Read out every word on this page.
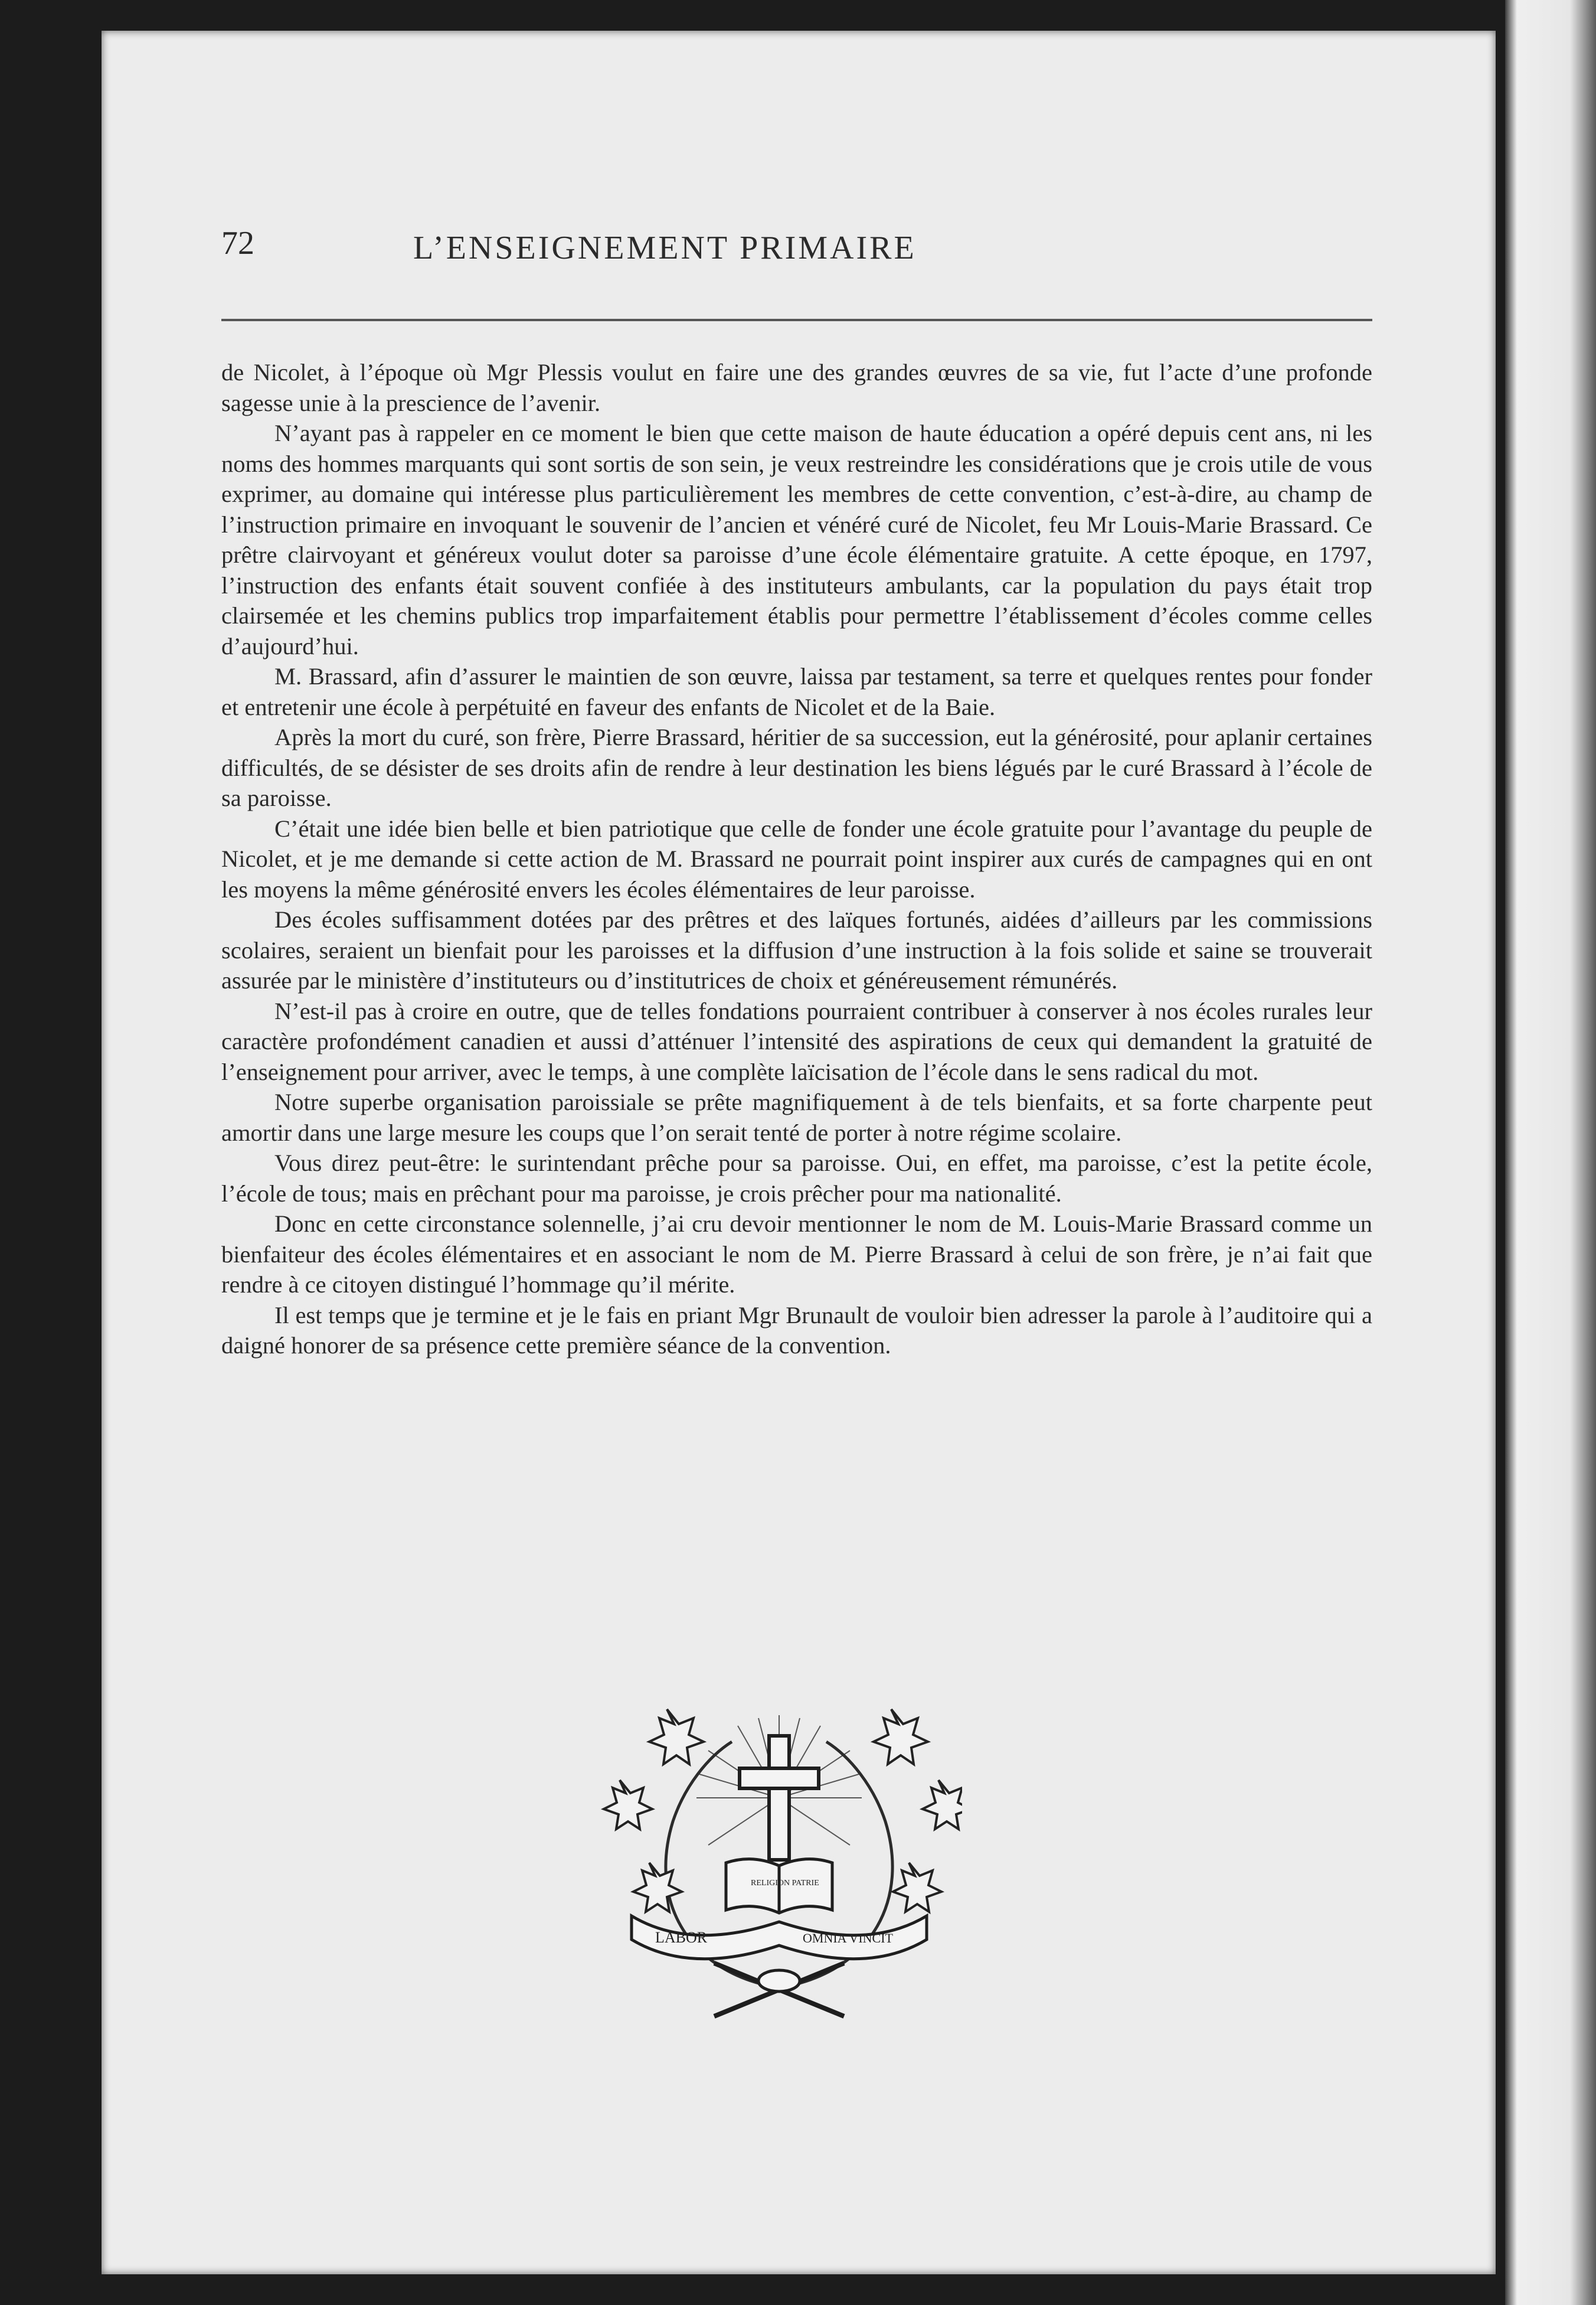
72	L’ENSEIGNEMENT PRIMAIRE

de Nicolet, à l’époque où Mgr Plessis voulut en faire une des grandes œuvres de sa vie, fut l’acte d’une profonde sagesse unie à la prescience de l’avenir.

N’ayant pas à rappeler en ce moment le bien que cette maison de haute éducation a opéré depuis cent ans, ni les noms des hommes marquants qui sont sortis de son sein, je veux restreindre les considérations que je crois utile de vous exprimer, au domaine qui intéresse plus particulièrement les membres de cette convention, c’est-à-dire, au champ de l’instruction primaire en invoquant le souvenir de l’ancien et vénéré curé de Nicolet, feu Mr Louis-Marie Brassard. Ce prêtre clairvoyant et généreux voulut doter sa paroisse d’une école élémentaire gratuite. A cette époque, en 1797, l’instruction des enfants était souvent confiée à des instituteurs ambulants, car la population du pays était trop clairsemée et les chemins publics trop imparfaitement établis pour permettre l’établissement d’écoles comme celles d’aujourd’hui.

M. Brassard, afin d’assurer le maintien de son œuvre, laissa par testament, sa terre et quelques rentes pour fonder et entretenir une école à perpétuité en faveur des enfants de Nicolet et de la Baie.

Après la mort du curé, son frère, Pierre Brassard, héritier de sa succession, eut la générosité, pour aplanir certaines difficultés, de se désister de ses droits afin de rendre à leur destination les biens légués par le curé Brassard à l’école de sa paroisse.

C’était une idée bien belle et bien patriotique que celle de fonder une école gratuite pour l’avantage du peuple de Nicolet, et je me demande si cette action de M. Brassard ne pourrait point inspirer aux curés de campagnes qui en ont les moyens la même générosité envers les écoles élémentaires de leur paroisse.

Des écoles suffisamment dotées par des prêtres et des laïques fortunés, aidées d’ailleurs par les commissions scolaires, seraient un bienfait pour les paroisses et la diffusion d’une instruction à la fois solide et saine se trouverait assurée par le ministère d’instituteurs ou d’institutrices de choix et généreusement rémunérés.

N’est-il pas à croire en outre, que de telles fondations pourraient contribuer à conserver à nos écoles rurales leur caractère profondément canadien et aussi d’atténuer l’intensité des aspirations de ceux qui demandent la gratuité de l’enseignement pour arriver, avec le temps, à une complète laïcisation de l’école dans le sens radical du mot.

Notre superbe organisation paroissiale se prête magnifiquement à de tels bienfaits, et sa forte charpente peut amortir dans une large mesure les coups que l’on serait tenté de porter à notre régime scolaire.

Vous direz peut-être: le surintendant prêche pour sa paroisse. Oui, en effet, ma paroisse, c’est la petite école, l’école de tous; mais en prêchant pour ma paroisse, je crois prêcher pour ma nationalité.

Donc en cette circonstance solennelle, j’ai cru devoir mentionner le nom de M. Louis-Marie Brassard comme un bienfaiteur des écoles élémentaires et en associant le nom de M. Pierre Brassard à celui de son frère, je n’ai fait que rendre à ce citoyen distingué l’hommage qu’il mérite.

Il est temps que je termine et je le fais en priant Mgr Brunault de vouloir bien adresser la parole à l’auditoire qui a daigné honorer de sa présence cette première séance de la convention.

RELIGION PATRIE
LABOR	OMNIA VINCIT
